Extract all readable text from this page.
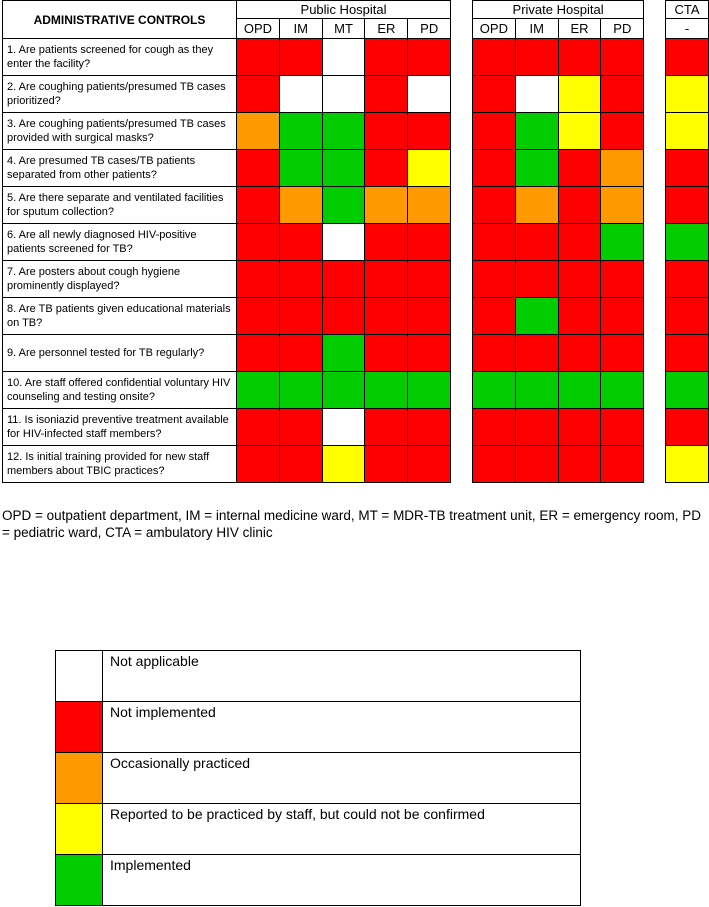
ADMINISTRATIVE CONTROLS	Public Hospital						Private Hospital					CTA
	OPD	IM	MT	ER	PD		OPD	IM	ER	PD		-
1. Are patients screened for cough as they enter the facility?												
2. Are coughing patients/presumed TB cases prioritized?												
3. Are coughing patients/presumed TB cases provided with surgical masks?												
4. Are presumed TB cases/TB patients separated from other patients?												
5. Are there separate and ventilated facilities for sputum collection?												
6. Are all newly diagnosed HIV-positive patients screened for TB?												
7. Are posters about cough hygiene prominently displayed?												
8. Are TB patients given educational materials on TB?												
9. Are personnel tested for TB regularly?												
10. Are staff offered confidential voluntary HIV counseling and testing onsite?												
11. Is isoniazid preventive treatment available for HIV-infected staff members?												
12. Is initial training provided for new staff members about TBIC practices?												
OPD = outpatient department, IM = internal medicine ward, MT = MDR-TB treatment unit, ER = emergency room, PD = pediatric ward, CTA = ambulatory HIV clinic
	Not applicable
	Not implemented
	Occasionally practiced
	Reported to be practiced by staff, but could not be confirmed
	Implemented
